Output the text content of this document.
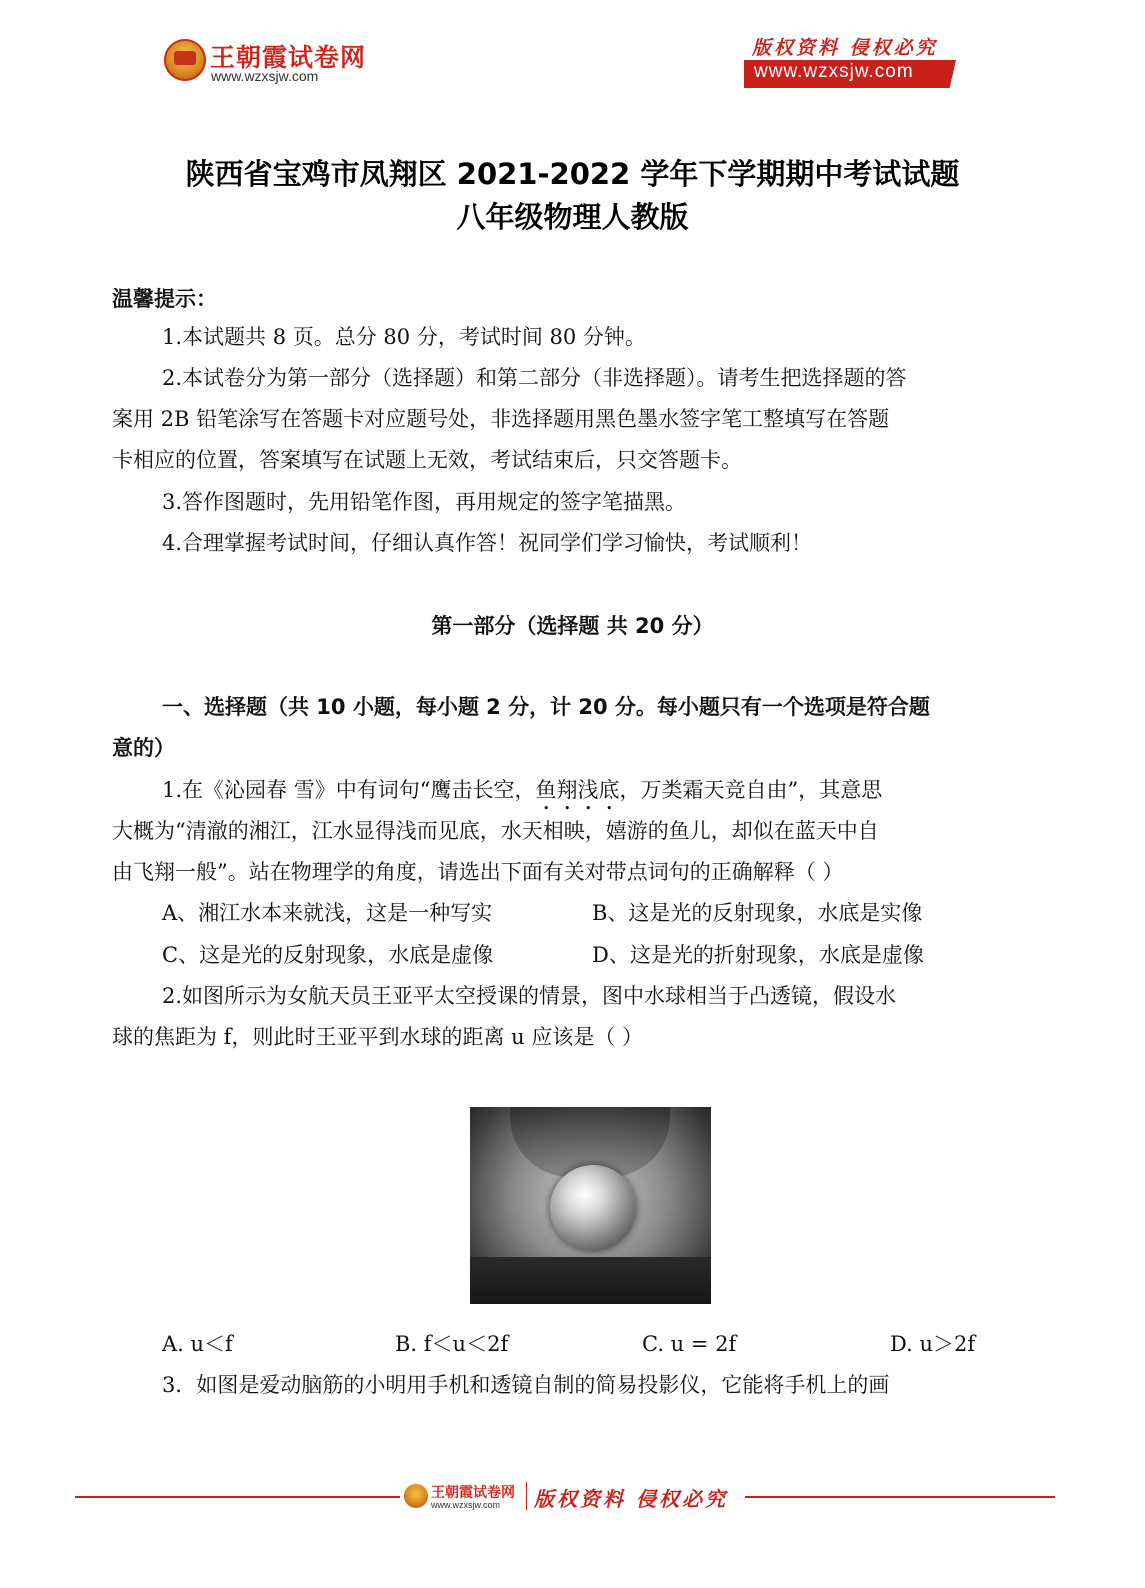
王朝霞试卷网
www.wzxsjw.com
版权资料 侵权必究
www.wzxsjw.com
陕西省宝鸡市凤翔区 2021-2022 学年下学期期中考试试题
八年级物理人教版
温馨提示：
1.本试题共 8 页。总分 80 分，考试时间 80 分钟。
2.本试卷分为第一部分（选择题）和第二部分（非选择题）。请考生把选择题的答
案用 2B 铅笔涂写在答题卡对应题号处，非选择题用黑色墨水签字笔工整填写在答题
卡相应的位置，答案填写在试题上无效，考试结束后，只交答题卡。
3.答作图题时，先用铅笔作图，再用规定的签字笔描黑。
4.合理掌握考试时间，仔细认真作答！祝同学们学习愉快，考试顺利！
第一部分（选择题 共 20 分）
一、选择题（共 10 小题，每小题 2 分，计 20 分。每小题只有一个选项是符合题
意的）
1.在《沁园春 雪》中有词句“鹰击长空，鱼翔浅底，万类霜天竞自由”，其意思
大概为“清澈的湘江，江水显得浅而见底，水天相映，嬉游的鱼儿，却似在蓝天中自
由飞翔一般”。站在物理学的角度，请选出下面有关对带点词句的正确解释（ ）
A、湘江水本来就浅，这是一种写实	B、这是光的反射现象，水底是实像
C、这是光的反射现象，水底是虚像	D、这是光的折射现象，水底是虚像
2.如图所示为女航天员王亚平太空授课的情景，图中水球相当于凸透镜，假设水
球的焦距为 f，则此时王亚平到水球的距离 u 应该是（ ）
A. u＜f	B. f＜u＜2f	C. u = 2f	D. u＞2f
3．如图是爱动脑筋的小明用手机和透镜自制的简易投影仪，它能将手机上的画
王朝霞试卷网
www.wzxsjw.com 版权资料 侵权必究
